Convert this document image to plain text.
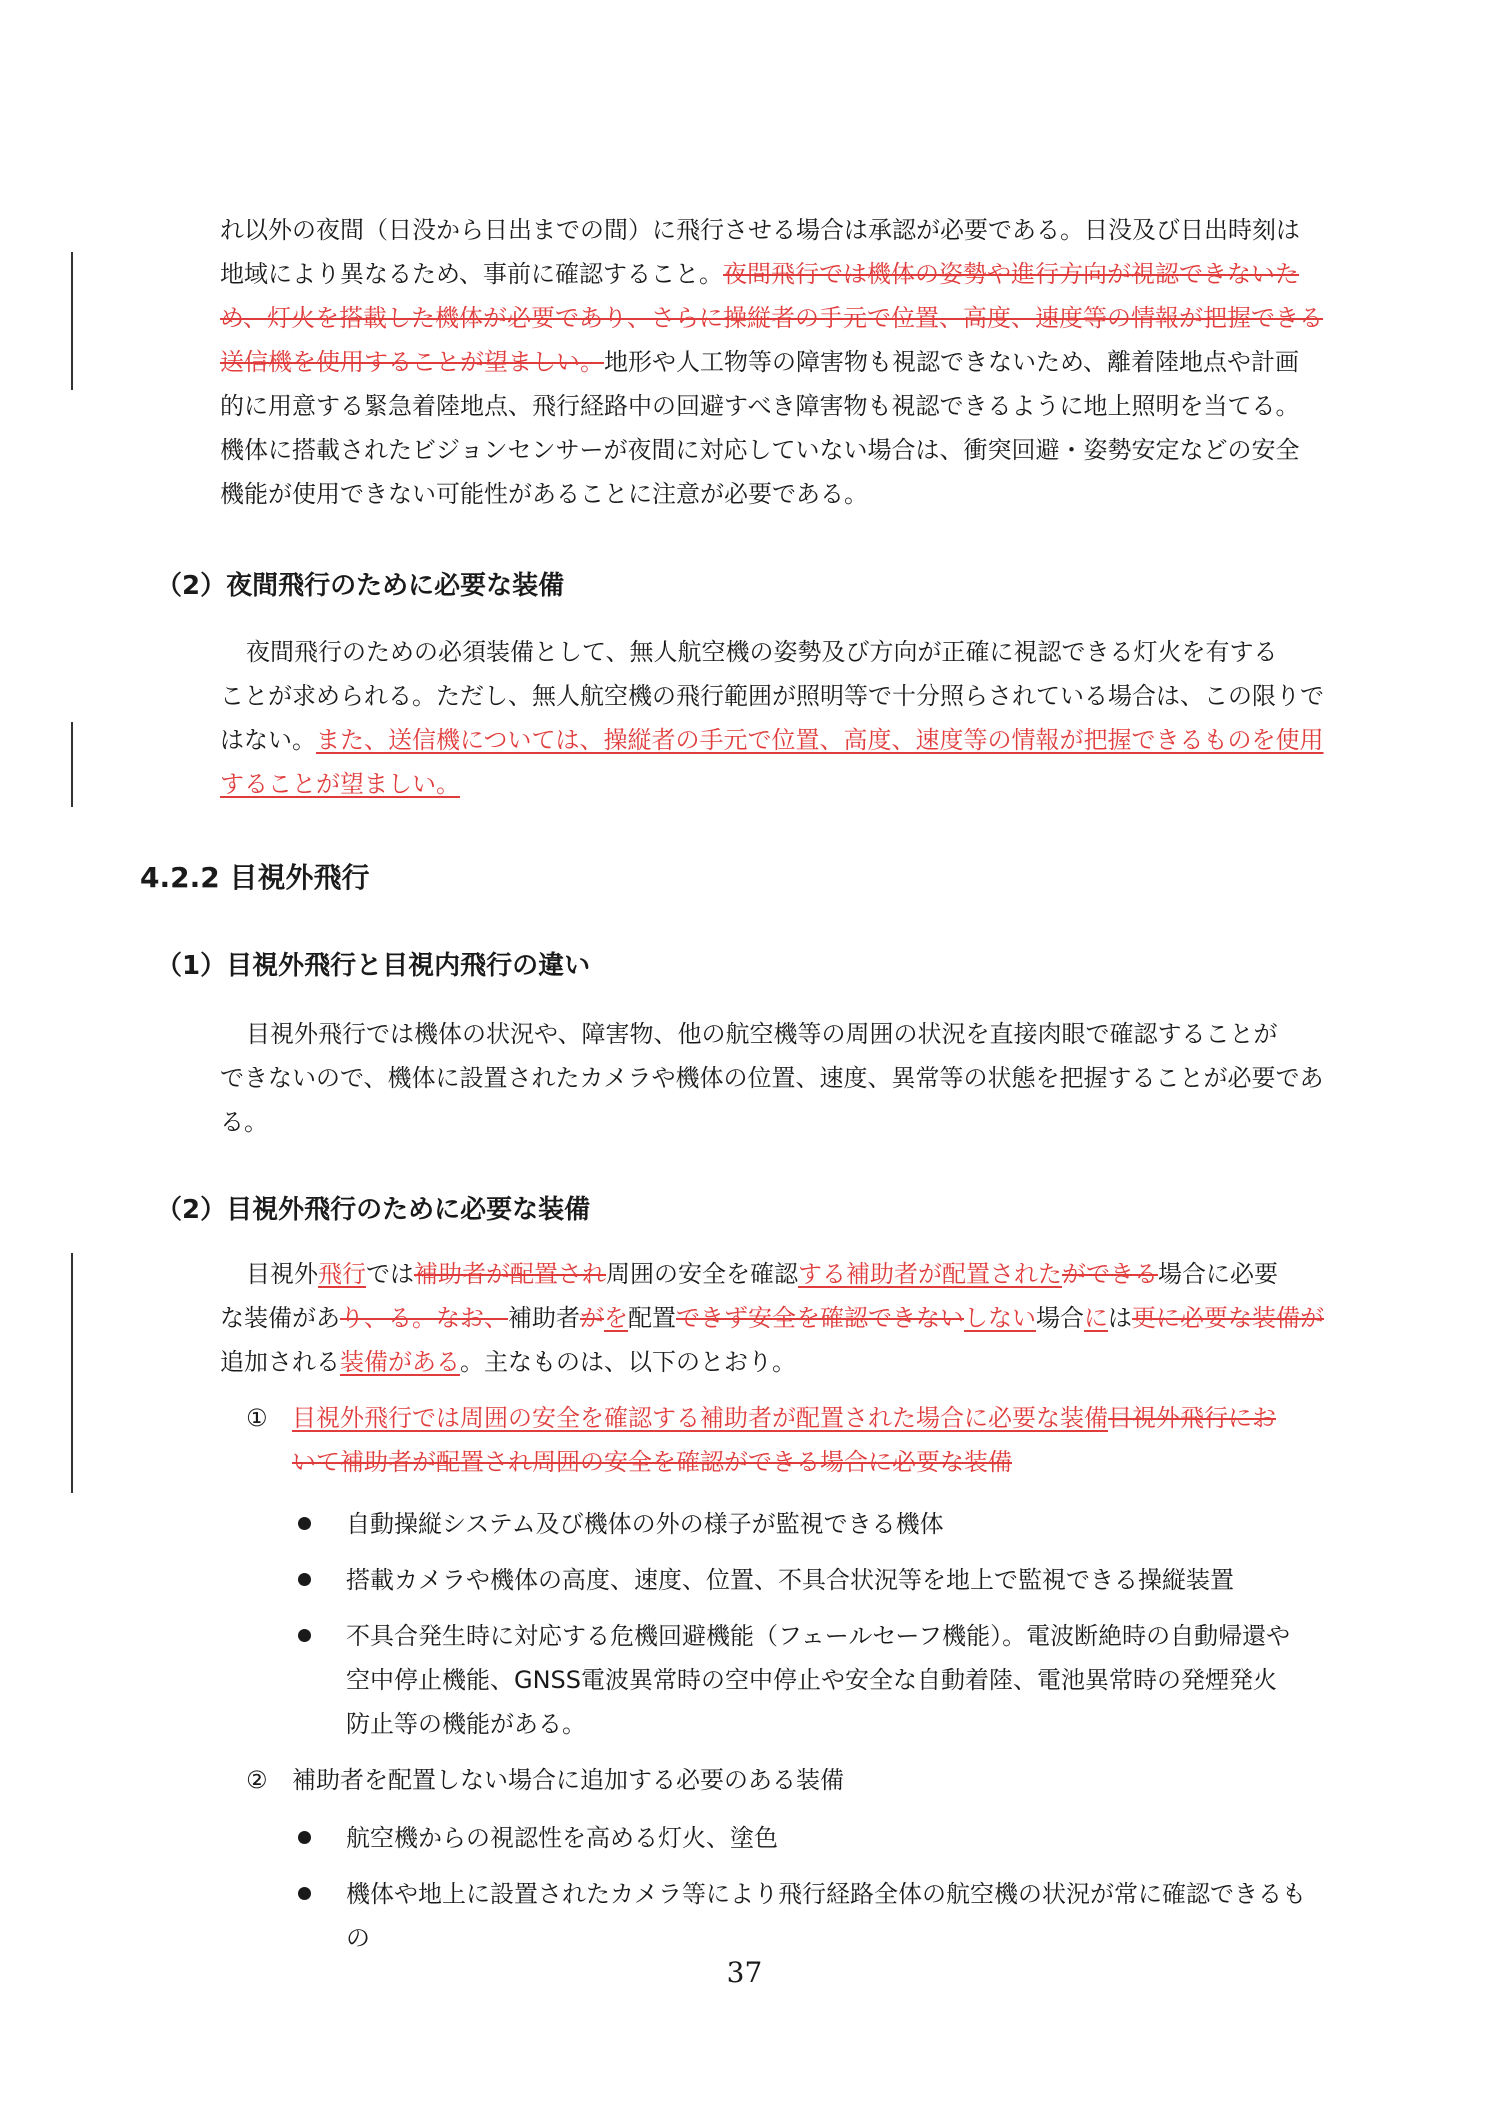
れ以外の夜間（日没から日出までの間）に飛行させる場合は承認が必要である。日没及び日出時刻は
地域により異なるため、事前に確認すること。夜間飛行では機体の姿勢や進行方向が視認できないた
め、灯火を搭載した機体が必要であり、さらに操縦者の手元で位置、高度、速度等の情報が把握できる
送信機を使用することが望ましい。地形や人工物等の障害物も視認できないため、離着陸地点や計画
的に用意する緊急着陸地点、飛行経路中の回避すべき障害物も視認できるように地上照明を当てる。
機体に搭載されたビジョンセンサーが夜間に対応していない場合は、衝突回避・姿勢安定などの安全
機能が使用できない可能性があることに注意が必要である。
（2）夜間飛行のために必要な装備
夜間飛行のための必須装備として、無人航空機の姿勢及び方向が正確に視認できる灯火を有する
ことが求められる。ただし、無人航空機の飛行範囲が照明等で十分照らされている場合は、この限りで
はない。また、送信機については、操縦者の手元で位置、高度、速度等の情報が把握できるものを使用
することが望ましい。
4.2.2 目視外飛行
（1）目視外飛行と目視内飛行の違い
目視外飛行では機体の状況や、障害物、他の航空機等の周囲の状況を直接肉眼で確認することが
できないので、機体に設置されたカメラや機体の位置、速度、異常等の状態を把握することが必要であ
る。
（2）目視外飛行のために必要な装備
目視外飛行では補助者が配置され周囲の安全を確認する補助者が配置されたができる場合に必要
な装備があり、る。なお、補助者がを配置できず安全を確認できないしない場合には更に必要な装備が
追加される装備がある。主なものは、以下のとおり。
① 目視外飛行では周囲の安全を確認する補助者が配置された場合に必要な装備目視外飛行にお
いて補助者が配置され周囲の安全を確認ができる場合に必要な装備
自動操縦システム及び機体の外の様子が監視できる機体
搭載カメラや機体の高度、速度、位置、不具合状況等を地上で監視できる操縦装置
不具合発生時に対応する危機回避機能（フェールセーフ機能）。電波断絶時の自動帰還や
空中停止機能、GNSS電波異常時の空中停止や安全な自動着陸、電池異常時の発煙発火
防止等の機能がある。
② 補助者を配置しない場合に追加する必要のある装備
航空機からの視認性を高める灯火、塗色
機体や地上に設置されたカメラ等により飛行経路全体の航空機の状況が常に確認できるも
の
37
